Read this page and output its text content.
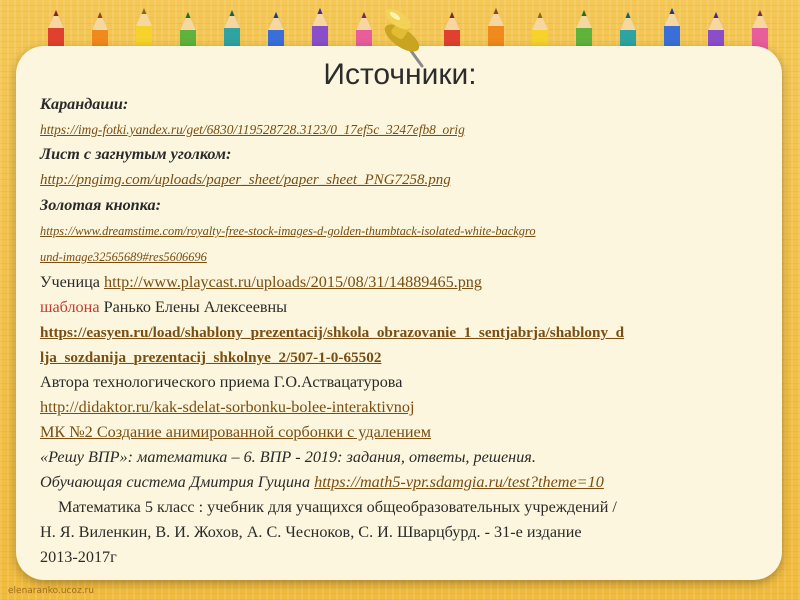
Источники:

Карандаши:

https://img-fotki.yandex.ru/get/6830/119528728.3123/0_17ef5c_3247efb8_orig

Лист с загнутым уголком:

http://pngimg.com/uploads/paper_sheet/paper_sheet_PNG7258.png

Золотая кнопка:

https://www.dreamstime.com/royalty-free-stock-images-d-golden-thumbtack-isolated-white-backgro

und-image32565689#res5606696

Ученица http://www.playcast.ru/uploads/2015/08/31/14889465.png

шаблона Ранько Елены Алексеевны

https://easyen.ru/load/shablony_prezentacij/shkola_obrazovanie_1_sentjabrja/shablony_d

lja_sozdanija_prezentacij_shkolnye_2/507-1-0-65502

Автора технологического приема Г.О.Аствацатурова

http://didaktor.ru/kak-sdelat-sorbonku-bolee-interaktivnoj

МК №2 Создание анимированной сорбонки с удалением

«Решу ВПР»: математика – 6. ВПР - 2019: задания, ответы, решения.

Обучающая система Дмитрия Гущина https://math5-vpr.sdamgia.ru/test?theme=10

Математика 5 класс : учебник для учащихся общеобразовательных учреждений /

Н. Я. Виленкин, В. И. Жохов, А. С. Чесноков, С. И. Шварцбурд. - 31-е издание

2013-2017г

elenaranko.ucoz.ru
